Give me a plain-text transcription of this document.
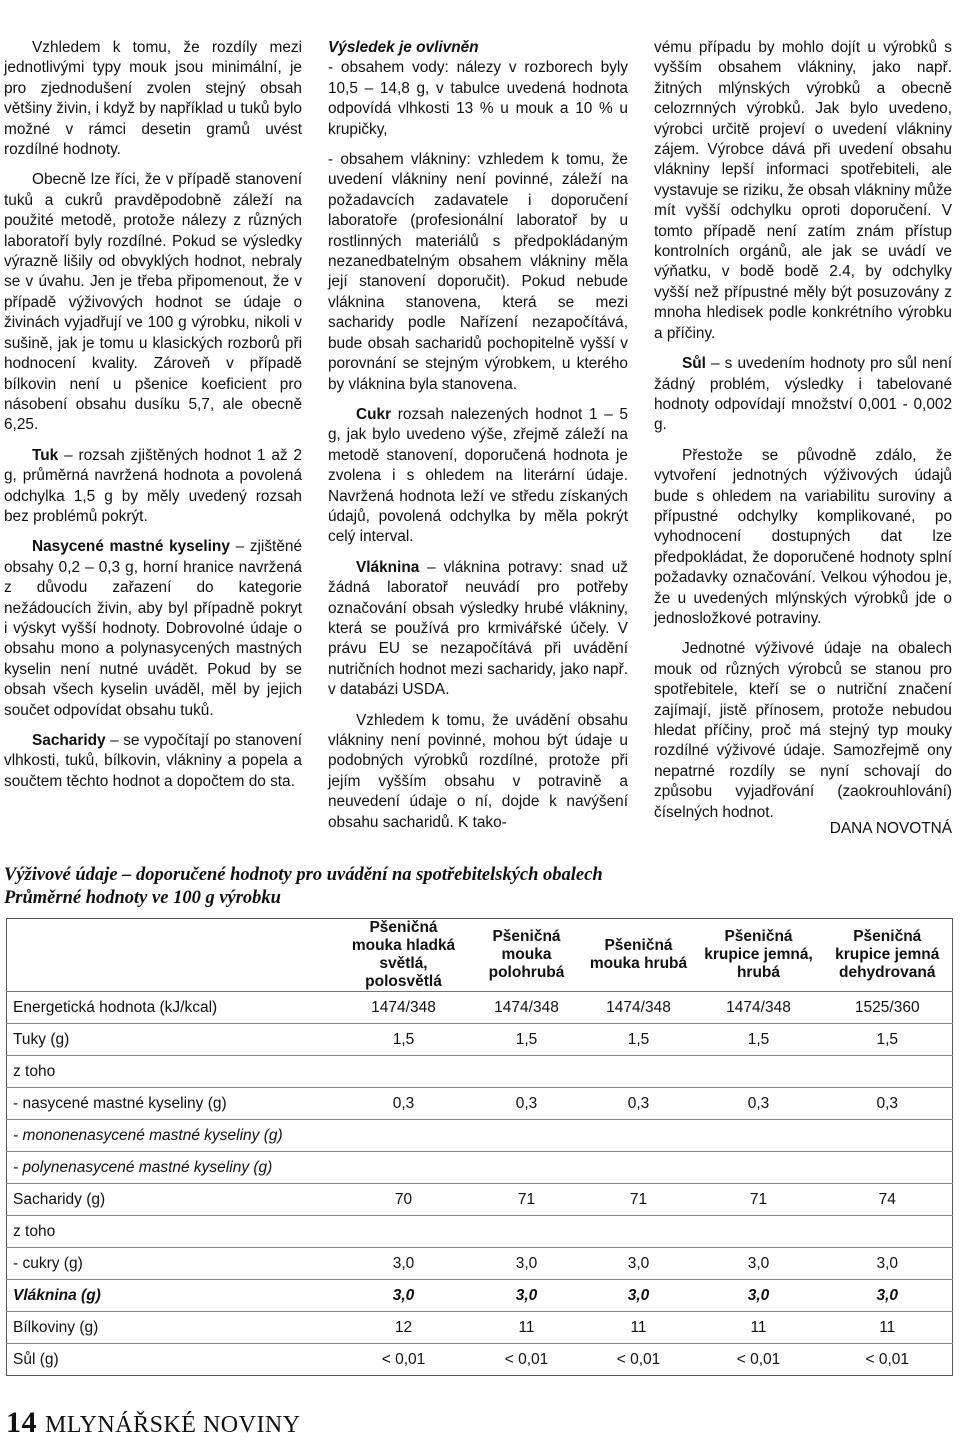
Vzhledem k tomu, že rozdíly mezi jednotlivými typy mouk jsou minimální, je pro zjednodušení zvolen stejný obsah většiny živin, i když by například u tuků bylo možné v rámci desetin gramů uvést rozdílné hodnoty.

Obecně lze říci, že v případě stanovení tuků a cukrů pravděpodobně záleží na použité metodě, protože nálezy z různých laboratoří byly rozdílné. Pokud se výsledky výrazně lišily od obvyklých hodnot, nebraly se v úvahu. Jen je třeba připomenout, že v případě výživových hodnot se údaje o živinách vyjadřují ve 100 g výrobku, nikoli v sušině, jak je tomu u klasických rozborů při hodnocení kvality. Zároveň v případě bílkovin není u pšenice koeficient pro násobení obsahu dusíku 5,7, ale obecně 6,25.

Tuk – rozsah zjištěných hodnot 1 až 2 g, průměrná navržená hodnota a povolená odchylka 1,5 g by měly uvedený rozsah bez problémů pokrýt.

Nasycené mastné kyseliny – zjištěné obsahy 0,2 – 0,3 g, horní hranice navržená z důvodu zařazení do kategorie nežádoucích živin, aby byl případně pokryt i výskyt vyšší hodnoty. Dobrovolné údaje o obsahu mono a polynasycených mastných kyselin není nutné uvádět. Pokud by se obsah všech kyselin uváděl, měl by jejich součet odpovídat obsahu tuků.

Sacharidy – se vypočítají po stanovení vlhkosti, tuků, bílkovin, vlákniny a popela a součtem těchto hodnot a dopočtem do sta.

Výsledek je ovlivněn

- obsahem vody: nálezy v rozborech byly 10,5 – 14,8 g, v tabulce uvedená hodnota odpovídá vlhkosti 13 % u mouk a 10 % u krupičky,

- obsahem vlákniny: vzhledem k tomu, že uvedení vlákniny není povinné, záleží na požadavcích zadavatele i doporučení laboratoře (profesionální laboratoř by u rostlinných materiálů s předpokládaným nezanedbatelným obsahem vlákniny měla její stanovení doporučit). Pokud nebude vláknina stanovena, která se mezi sacharidy podle Nařízení nezapočítává, bude obsah sacharidů pochopitelně vyšší v porovnání se stejným výrobkem, u kterého by vláknina byla stanovena.

Cukr rozsah nalezených hodnot 1 – 5 g, jak bylo uvedeno výše, zřejmě záleží na metodě stanovení, doporučená hodnota je zvolena i s ohledem na literární údaje. Navržená hodnota leží ve středu získaných údajů, povolená odchylka by měla pokrýt celý interval.

Vláknina – vláknina potravy: snad už žádná laboratoř neuvádí pro potřeby označování obsah výsledky hrubé vlákniny, která se používá pro krmivářské účely. V právu EU se nezapočítává při uvádění nutričních hodnot mezi sacharidy, jako např. v databázi USDA.

Vzhledem k tomu, že uvádění obsahu vlákniny není povinné, mohou být údaje u podobných výrobků rozdílné, protože při jejím vyšším obsahu v potravině a neuvedení údaje o ní, dojde k navýšení obsahu sacharidů. K tako-

vému případu by mohlo dojít u výrobků s vyšším obsahem vlákniny, jako např. žitných mlýnských výrobků a obecně celozrnných výrobků. Jak bylo uvedeno, výrobci určitě projeví o uvedení vlákniny zájem. Výrobce dává při uvedení obsahu vlákniny lepší informaci spotřebiteli, ale vystavuje se riziku, že obsah vlákniny může mít vyšší odchylku oproti doporučení. V tomto případě není zatím znám přístup kontrolních orgánů, ale jak se uvádí ve výňatku, v bodě bodě 2.4, by odchylky vyšší než přípustné měly být posuzovány z mnoha hledisek podle konkrétního výrobku a příčiny.

Sůl – s uvedením hodnoty pro sůl není žádný problém, výsledky i tabelované hodnoty odpovídají množství 0,001 - 0,002 g.

Přestože se původně zdálo, že vytvoření jednotných výživových údajů bude s ohledem na variabilitu suroviny a přípustné odchylky komplikované, po vyhodnocení dostupných dat lze předpokládat, že doporučené hodnoty splní požadavky označování. Velkou výhodou je, že u uvedených mlýnských výrobků jde o jednosložkové potraviny.

Jednotné výživové údaje na obalech mouk od různých výrobců se stanou pro spotřebitele, kteří se o nutriční značení zajímají, jistě přínosem, protože nebudou hledat příčiny, proč má stejný typ mouky rozdílné výživové údaje. Samozřejmě ony nepatrné rozdíly se nyní schovají do způsobu vyjadřování (zaokrouhlování) číselných hodnot.

DANA NOVOTNÁ
Výživové údaje – doporučené hodnoty pro uvádění na spotřebitelských obalech
Průměrné hodnoty ve 100 g výrobku
	Pšeničná mouka hladká světlá, polosvětlá	Pšeničná mouka polohrubá	Pšeničná mouka hrubá	Pšeničná krupice jemná, hrubá	Pšeničná krupice jemná dehydrovaná
Energetická hodnota (kJ/kcal)	1474/348	1474/348	1474/348	1474/348	1525/360
Tuky (g)	1,5	1,5	1,5	1,5	1,5
z toho					
- nasycené mastné kyseliny (g)	0,3	0,3	0,3	0,3	0,3
- mononenasycené mastné kyseliny (g)					
- polynenasycené mastné kyseliny (g)					
Sacharidy (g)	70	71	71	71	74
z toho					
- cukry (g)	3,0	3,0	3,0	3,0	3,0
Vláknina (g)	3,0	3,0	3,0	3,0	3,0
Bílkoviny (g)	12	11	11	11	11
Sůl (g)	< 0,01	< 0,01	< 0,01	< 0,01	< 0,01
14 MLYNÁŘSKÉ NOVINY
